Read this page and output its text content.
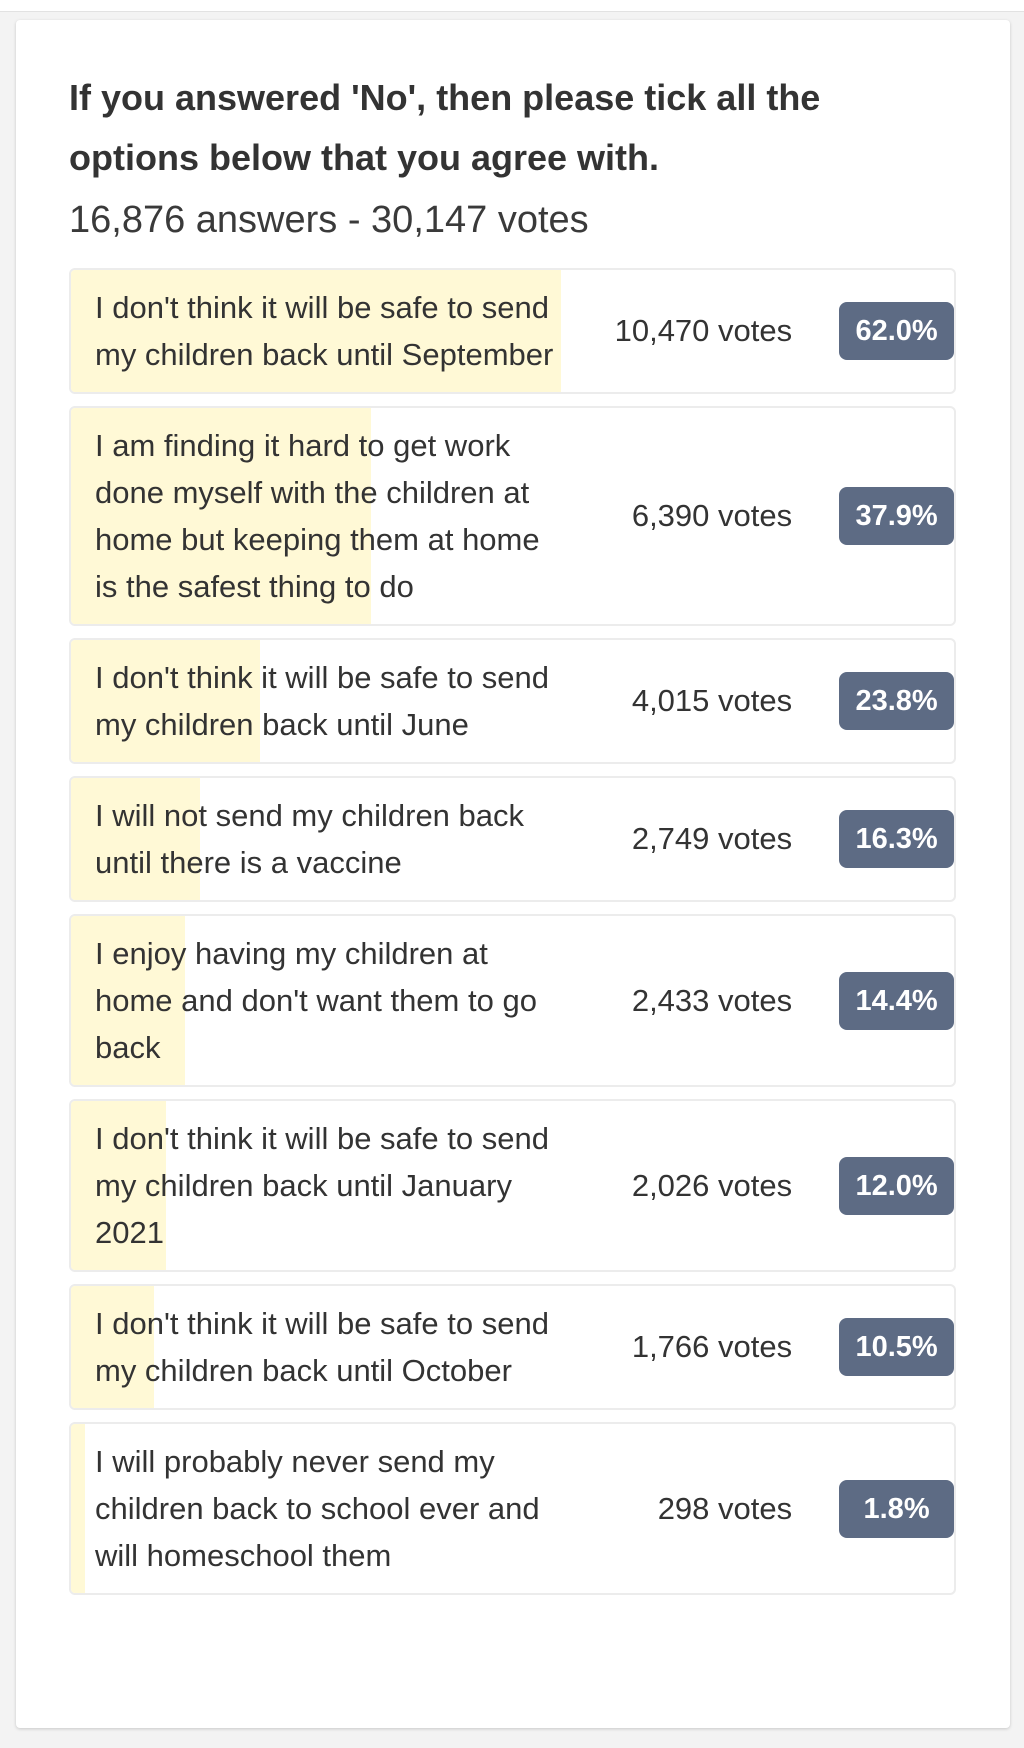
If you answered 'No', then please tick all the options below that you agree with.
16,876 answers - 30,147 votes
I don't think it will be safe to send my children back until September
10,470 votes	62.0%
I am finding it hard to get work done myself with the children at home but keeping them at home is the safest thing to do
6,390 votes	37.9%
I don't think it will be safe to send my children back until June
4,015 votes	23.8%
I will not send my children back until there is a vaccine
2,749 votes	16.3%
I enjoy having my children at home and don't want them to go back
2,433 votes	14.4%
I don't think it will be safe to send my children back until January 2021
2,026 votes	12.0%
I don't think it will be safe to send my children back until October
1,766 votes	10.5%
I will probably never send my children back to school ever and will homeschool them
298 votes	1.8%
